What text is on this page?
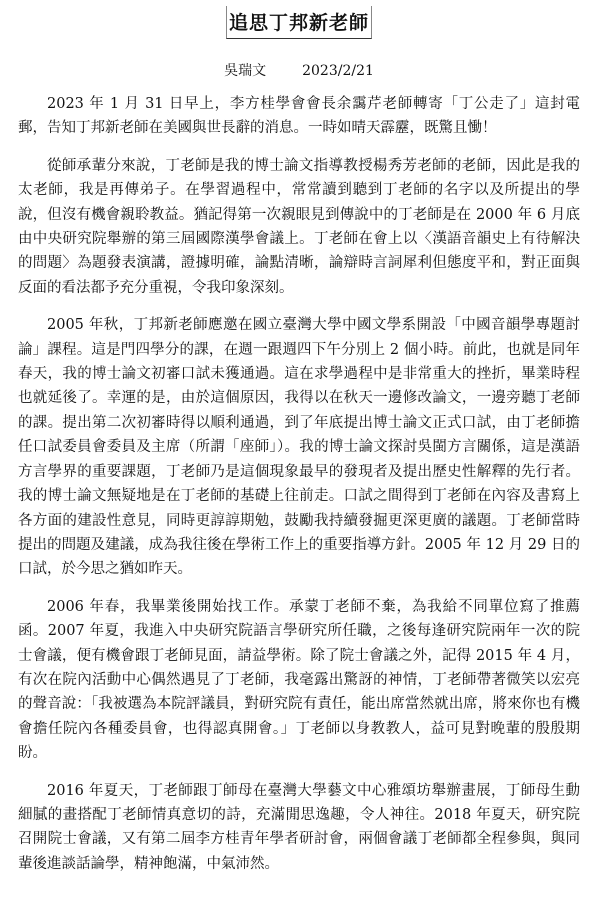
追思丁邦新老師
吳瑞文	2023/2/21

2023 年 1 月 31 日早上，李方桂學會會長余靄芹老師轉寄「丁公走了」這封電郵，告知丁邦新老師在美國與世長辭的消息。一時如晴天霹靂，既驚且慟！

從師承輩分來說，丁老師是我的博士論文指導教授楊秀芳老師的老師，因此是我的太老師，我是再傳弟子。在學習過程中，常常讀到聽到丁老師的名字以及所提出的學說，但沒有機會親聆教益。猶記得第一次親眼見到傳說中的丁老師是在 2000 年 6 月底由中央研究院舉辦的第三屆國際漢學會議上。丁老師在會上以〈漢語音韻史上有待解決的問題〉為題發表演講，證據明確，論點清晰，論辯時言詞犀利但態度平和，對正面與反面的看法都予充分重視，令我印象深刻。

2005 年秋，丁邦新老師應邀在國立臺灣大學中國文學系開設「中國音韻學專題討論」課程。這是門四學分的課，在週一跟週四下午分別上 2 個小時。前此，也就是同年春天，我的博士論文初審口試未獲通過。這在求學過程中是非常重大的挫折，畢業時程也就延後了。幸運的是，由於這個原因，我得以在秋天一邊修改論文，一邊旁聽丁老師的課。提出第二次初審時得以順利通過，到了年底提出博士論文正式口試，由丁老師擔任口試委員會委員及主席（所謂「座師」）。我的博士論文探討吳閩方言關係，這是漢語方言學界的重要課題，丁老師乃是這個現象最早的發現者及提出歷史性解釋的先行者。我的博士論文無疑地是在丁老師的基礎上往前走。口試之間得到丁老師在內容及書寫上各方面的建設性意見，同時更諄諄期勉，鼓勵我持續發掘更深更廣的議題。丁老師當時提出的問題及建議，成為我往後在學術工作上的重要指導方針。2005 年 12 月 29 日的口試，於今思之猶如昨天。

2006 年春，我畢業後開始找工作。承蒙丁老師不棄，為我給不同單位寫了推薦函。2007 年夏，我進入中央研究院語言學研究所任職，之後每逢研究院兩年一次的院士會議，便有機會跟丁老師見面，請益學術。除了院士會議之外，記得 2015 年 4 月，有次在院內活動中心偶然遇見了丁老師，我毫露出驚訝的神情，丁老師帶著微笑以宏亮的聲音說：「我被選為本院評議員，對研究院有責任，能出席當然就出席，將來你也有機會擔任院內各種委員會，也得認真開會。」丁老師以身教教人，益可見對晚輩的殷殷期盼。

2016 年夏天，丁老師跟丁師母在臺灣大學藝文中心雅頌坊舉辦畫展，丁師母生動細膩的畫搭配丁老師情真意切的詩，充滿閒思逸趣，令人神往。2018 年夏天，研究院召開院士會議，又有第二屆李方桂青年學者研討會，兩個會議丁老師都全程參與，與同輩後進談話論學，精神飽滿，中氣沛然。
